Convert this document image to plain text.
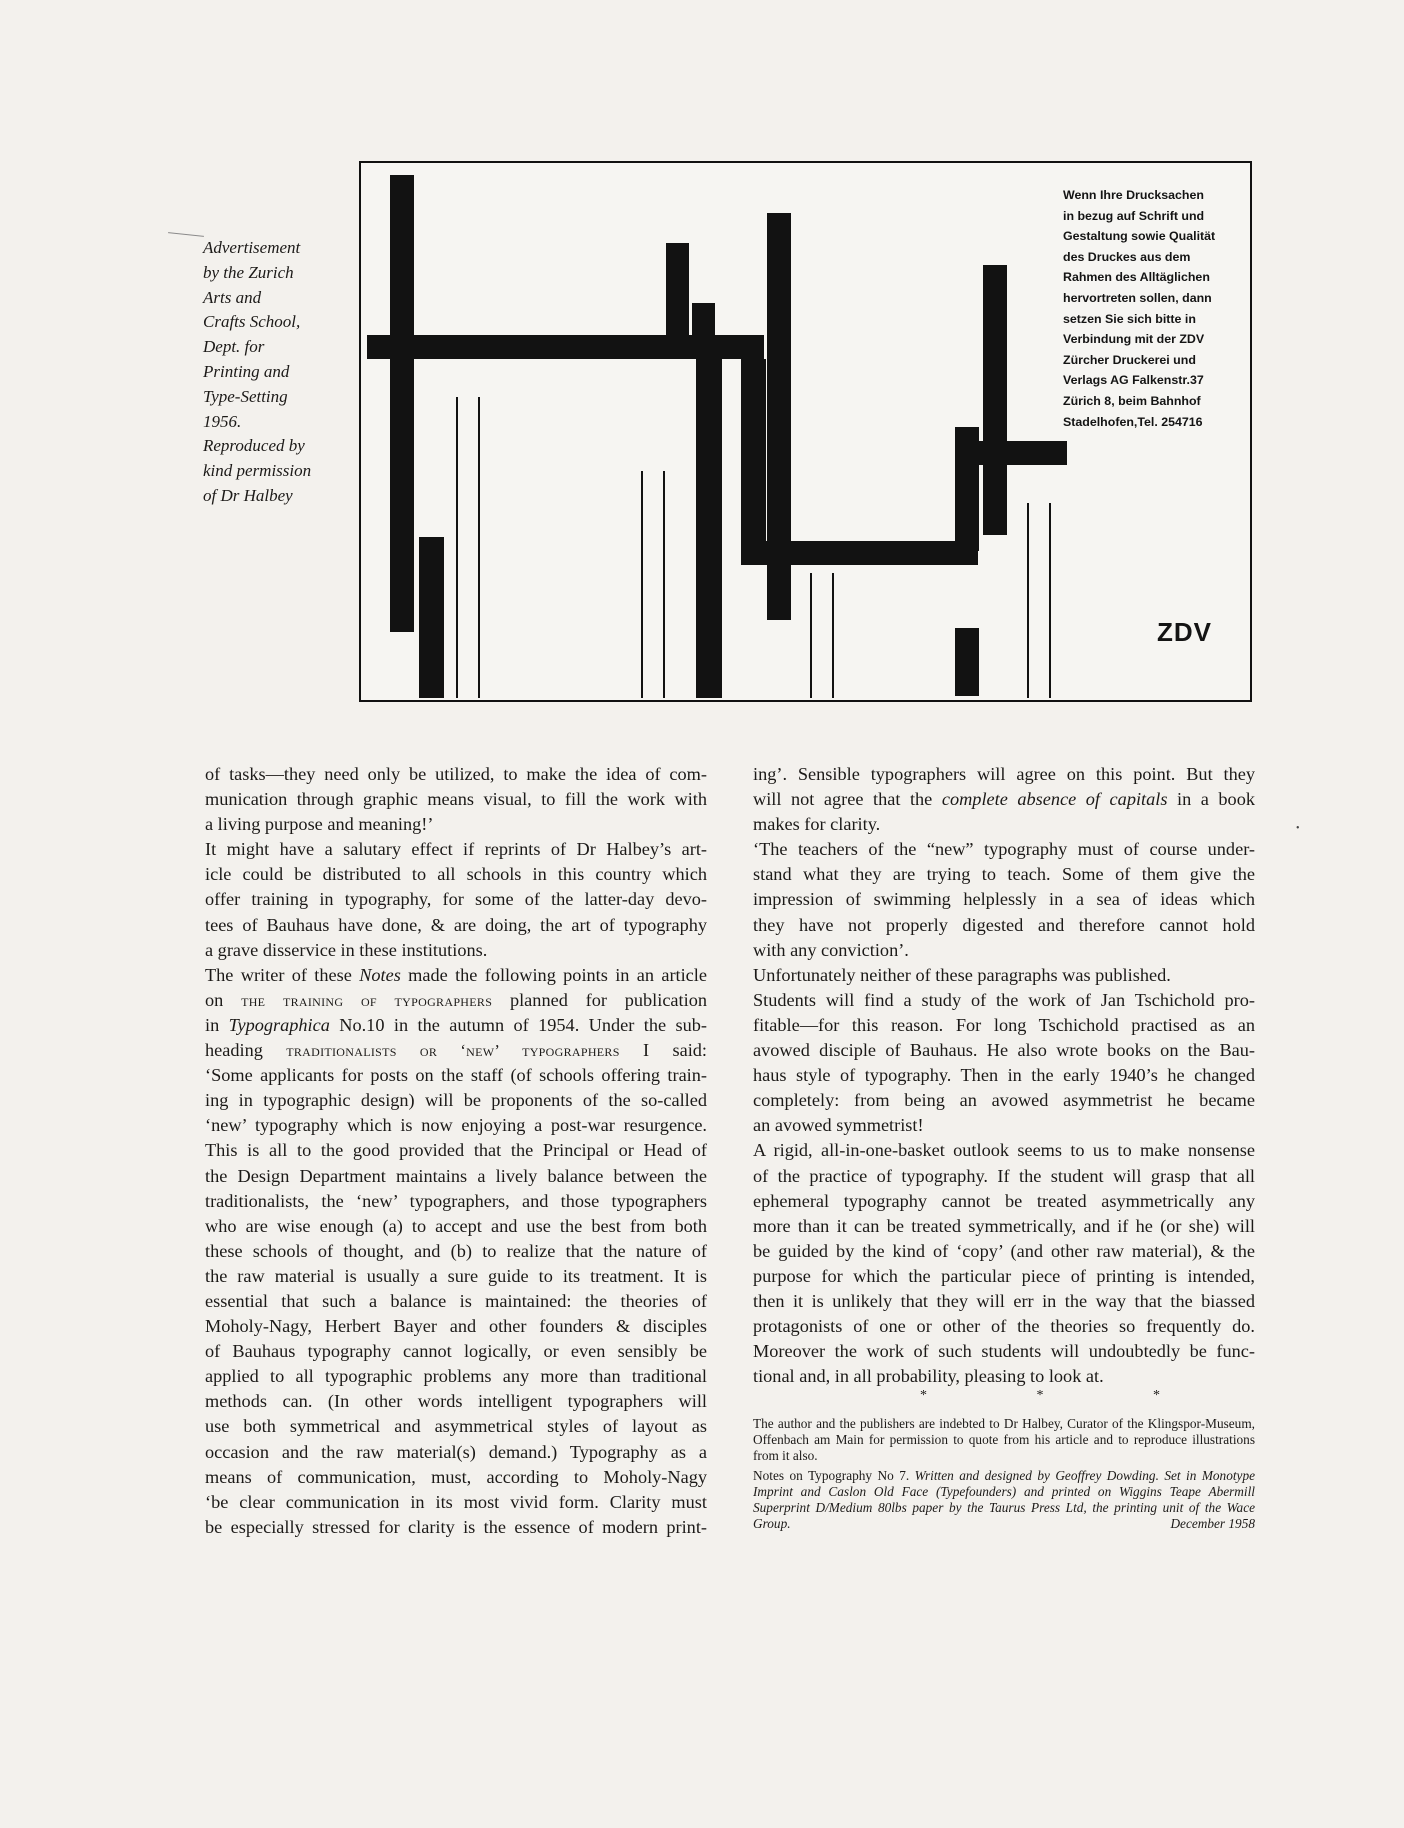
Advertisement
by the Zurich
Arts and
Crafts School,
Dept. for
Printing and
Type-Setting
1956.
Reproduced by
kind permission
of Dr Halbey
Wenn Ihre Drucksachen
in bezug auf Schrift und
Gestaltung sowie Qualität
des Druckes aus dem
Rahmen des Alltäglichen
hervortreten sollen, dann
setzen Sie sich bitte in
Verbindung mit der ZDV
Zürcher Druckerei und
Verlags AG Falkenstr.37
Zürich 8, beim Bahnhof
Stadelhofen,Tel. 254716
ZDV
of tasks—they need only be utilized, to make the idea of com-
munication through graphic means visual, to fill the work with
a living purpose and meaning!’
It might have a salutary effect if reprints of Dr Halbey’s art-
icle could be distributed to all schools in this country which
offer training in typography, for some of the latter-day devo-
tees of Bauhaus have done, & are doing, the art of typography
a grave disservice in these institutions.
The writer of these Notes made the following points in an article
on the training of typographers planned for publication
in Typographica No.10 in the autumn of 1954. Under the sub-
heading traditionalists or ‘new’ typographers I said:
‘Some applicants for posts on the staff (of schools offering train-
ing in typographic design) will be proponents of the so-called
‘new’ typography which is now enjoying a post-war resurgence.
This is all to the good provided that the Principal or Head of
the Design Department maintains a lively balance between the
traditionalists, the ‘new’ typographers, and those typographers
who are wise enough (a) to accept and use the best from both
these schools of thought, and (b) to realize that the nature of
the raw material is usually a sure guide to its treatment. It is
essential that such a balance is maintained: the theories of
Moholy-Nagy, Herbert Bayer and other founders & disciples
of Bauhaus typography cannot logically, or even sensibly be
applied to all typographic problems any more than traditional
methods can. (In other words intelligent typographers will
use both symmetrical and asymmetrical styles of layout as
occasion and the raw material(s) demand.) Typography as a
means of communication, must, according to Moholy-Nagy
‘be clear communication in its most vivid form. Clarity must
be especially stressed for clarity is the essence of modern print-
ing’. Sensible typographers will agree on this point. But they
will not agree that the complete absence of capitals in a book
makes for clarity.
‘The teachers of the “new” typography must of course under-
stand what they are trying to teach. Some of them give the
impression of swimming helplessly in a sea of ideas which
they have not properly digested and therefore cannot hold
with any conviction’.
Unfortunately neither of these paragraphs was published.
Students will find a study of the work of Jan Tschichold pro-
fitable—for this reason. For long Tschichold practised as an
avowed disciple of Bauhaus. He also wrote books on the Bau-
haus style of typography. Then in the early 1940’s he changed
completely: from being an avowed asymmetrist he became
an avowed symmetrist!
A rigid, all-in-one-basket outlook seems to us to make nonsense
of the practice of typography. If the student will grasp that all
ephemeral typography cannot be treated asymmetrically any
more than it can be treated symmetrically, and if he (or she) will
be guided by the kind of ‘copy’ (and other raw material), & the
purpose for which the particular piece of printing is intended,
then it is unlikely that they will err in the way that the biassed
protagonists of one or other of the theories so frequently do.
Moreover the work of such students will undoubtedly be func-
tional and, in all probability, pleasing to look at.
*	*	*

The author and the publishers are indebted to Dr Halbey, Curator of the Klingspor-Museum, Offenbach am Main for permission to quote from his article and to reproduce illustrations from it also.

Notes on Typography No 7. Written and designed by Geoffrey Dowding. Set in Monotype Imprint and Caslon Old Face (Typefounders) and printed on Wiggins Teape Abermill Superprint D/Medium 80lbs paper by the Taurus Press Ltd, the printing unit of the Wace Group.	December 1958

•
